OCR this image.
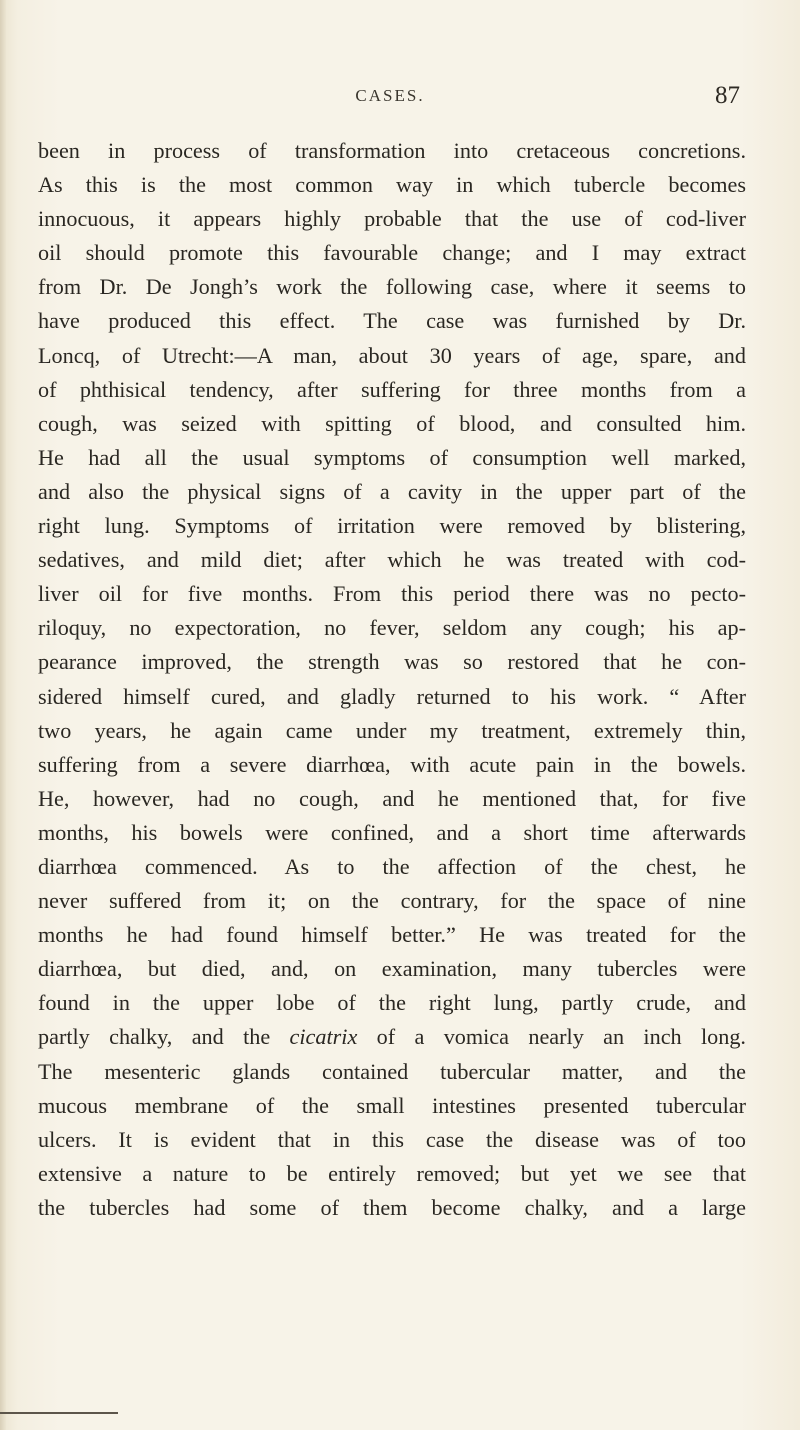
CASES.	87

been in process of transformation into cretaceous concretions.
As this is the most common way in which tubercle becomes
innocuous, it appears highly probable that the use of cod-liver
oil should promote this favourable change; and I may extract
from Dr. De Jongh’s work the following case, where it seems to
have produced this effect. The case was furnished by Dr.
Loncq, of Utrecht:—A man, about 30 years of age, spare, and
of phthisical tendency, after suffering for three months from a
cough, was seized with spitting of blood, and consulted him.
He had all the usual symptoms of consumption well marked,
and also the physical signs of a cavity in the upper part of the
right lung. Symptoms of irritation were removed by blistering,
sedatives, and mild diet; after which he was treated with cod-
liver oil for five months. From this period there was no pecto-
riloquy, no expectoration, no fever, seldom any cough; his ap-
pearance improved, the strength was so restored that he con-
sidered himself cured, and gladly returned to his work. “ After
two years, he again came under my treatment, extremely thin,
suffering from a severe diarrhœa, with acute pain in the bowels.
He, however, had no cough, and he mentioned that, for five
months, his bowels were confined, and a short time afterwards
diarrhœa commenced. As to the affection of the chest, he
never suffered from it; on the contrary, for the space of nine
months he had found himself better.” He was treated for the
diarrhœa, but died, and, on examination, many tubercles were
found in the upper lobe of the right lung, partly crude, and
partly chalky, and the cicatrix of a vomica nearly an inch long.
The mesenteric glands contained tubercular matter, and the
mucous membrane of the small intestines presented tubercular
ulcers. It is evident that in this case the disease was of too
extensive a nature to be entirely removed; but yet we see that
the tubercles had some of them become chalky, and a large
